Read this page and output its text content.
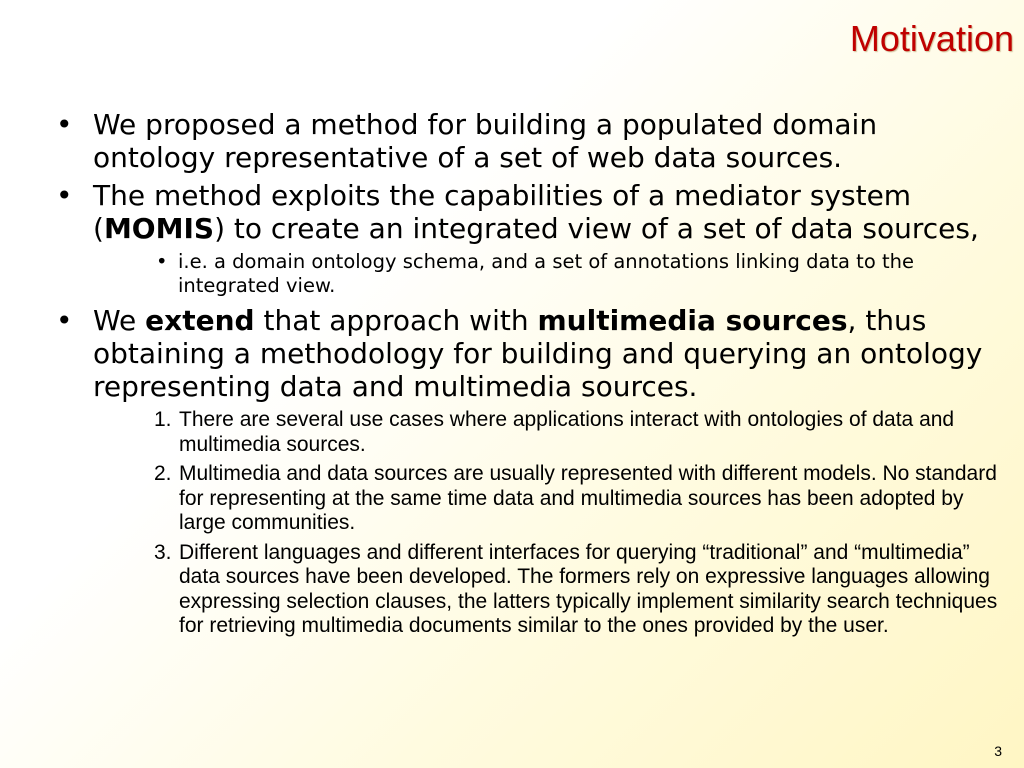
Motivation
• We proposed a method for building a populated domain ontology representative of a set of web data sources.
• The method exploits the capabilities of a mediator system (MOMIS) to create an integrated view of a set of data sources,
• i.e. a domain ontology schema, and a set of annotations linking data to the integrated view.
• We extend that approach with multimedia sources, thus obtaining a methodology for building and querying an ontology representing data and multimedia sources.
1. There are several use cases where applications interact with ontologies of data and multimedia sources.
2. Multimedia and data sources are usually represented with different models. No standard for representing at the same time data and multimedia sources has been adopted by large communities.
3. Different languages and different interfaces for querying “traditional” and “multimedia” data sources have been developed. The formers rely on expressive languages allowing expressing selection clauses, the latters typically implement similarity search techniques for retrieving multimedia documents similar to the ones provided by the user.
3
